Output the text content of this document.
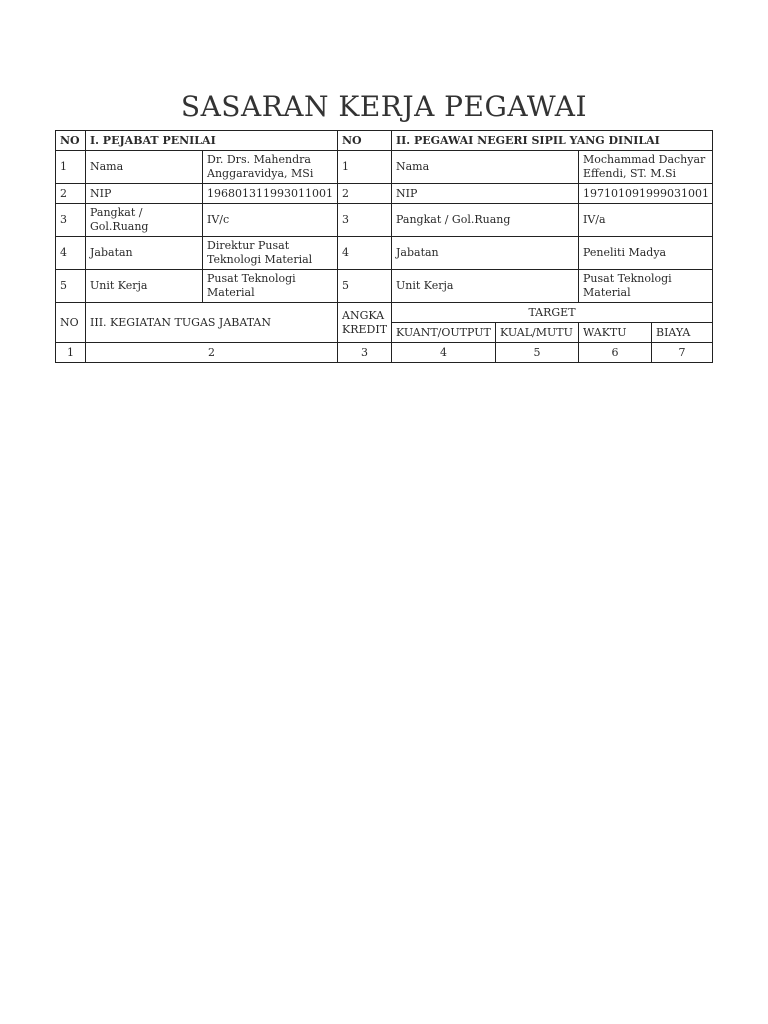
SASARAN KERJA PEGAWAI
NO	I. PEJABAT PENILAI		NO	II. PEGAWAI NEGERI SIPIL YANG DINILAI			
1	Nama	Dr. Drs. Mahendra Anggaravidya, MSi	1	Nama		Mochammad Dachyar Effendi, ST. M.Si	
2	NIP	196801311993011001	2	NIP		197101091999031001	
3	Pangkat / Gol.Ruang	IV/c	3	Pangkat / Gol.Ruang		IV/a	
4	Jabatan	Direktur Pusat Teknologi Material	4	Jabatan		Peneliti Madya	
5	Unit Kerja	Pusat Teknologi Material	5	Unit Kerja		Pusat Teknologi Material	
NO	III. KEGIATAN TUGAS JABATAN		ANGKA KREDIT	TARGET			
				KUANT/OUTPUT	KUAL/MUTU	WAKTU	BIAYA
1	2		3	4	5	6	7
